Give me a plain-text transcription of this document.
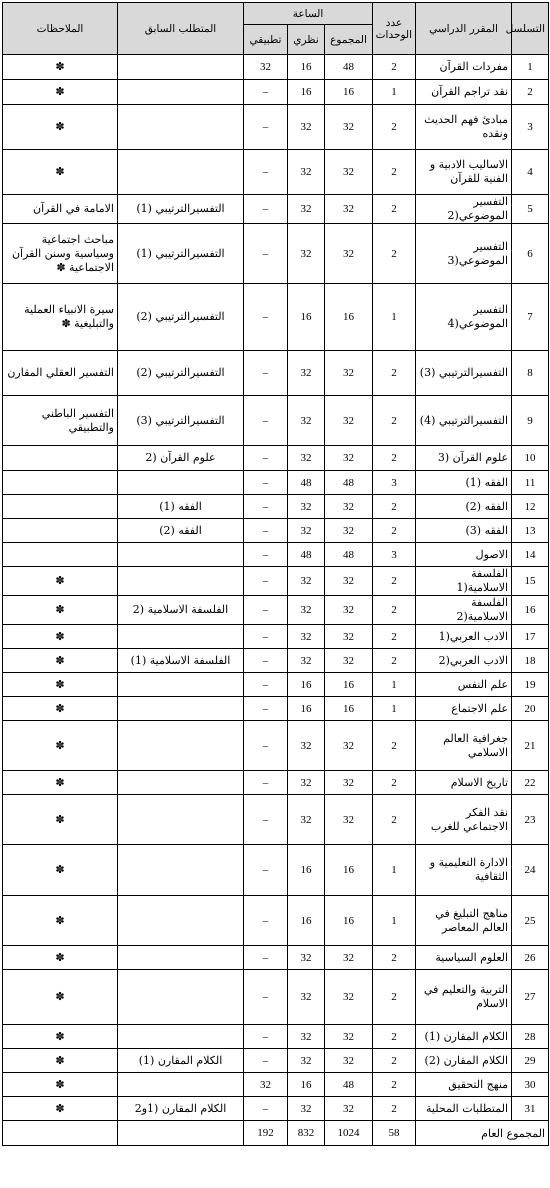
التسلسل	المقرر الدراسي	عدد الوحدات	الساعة			المتطلب السابق	الملاحظات
			المجموع	نظري	تطبيقي		
1	مفردات القرآن	2	48	16	32		✽
2	نقد تراجم القرآن	1	16	16	–		✽
3	مبادئ فهم الحديث ونقده	2	32	32	–		✽
4	الاساليب الادبية و الفنية للقرآن	2	32	32	–		✽
5	التفسير الموضوعي(2	2	32	32	–	التفسيرالترتيبي (1)	الامامة في القرآن
6	التفسير الموضوعي(3	2	32	32	–	التفسيرالترتيبي (1)	مباحث اجتماعية وسياسية وسنن القرآن الاجتماعية ✽
7	التفسير الموضوعي(4	1	16	16	–	التفسيرالترتيبي (2)	سيرة الانبياء العملية والتبليغية ✽
8	التفسيرالترتيبي (3)	2	32	32	–	التفسيرالترتيبي (2)	التفسير العقلي المقارن
9	التفسيرالترتيبي (4)	2	32	32	–	التفسيرالترتيبي (3)	التفسير الباطني والتطبيقي
10	علوم القرآن (3	2	32	32	–	علوم القرآن (2	
11	الفقه (1)	3	48	48	–		
12	الفقه (2)	2	32	32	–	الفقه (1)	
13	الفقه (3)	2	32	32	–	الفقه (2)	
14	الاصول	3	48	48	–		
15	الفلسفة الاسلامية(1	2	32	32	–		✽
16	الفلسفة الاسلامية(2	2	32	32	–	الفلسفة الاسلامية (2	✽
17	الادب العربي(1	2	32	32	–		✽
18	الادب العربي(2	2	32	32	–	الفلسفة الاسلامية (1)	✽
19	علم النفس	1	16	16	–		✽
20	علم الاجتماع	1	16	16	–		✽
21	جغرافية العالم الاسلامي	2	32	32	–		✽
22	تاريخ الاسلام	2	32	32	–		✽
23	نقد الفكر الاجتماعي للغرب	2	32	32	–		✽
24	الادارة التعليمية و الثقافية	1	16	16	–		✽
25	مناهج التبليغ في العالم المعاصر	1	16	16	–		✽
26	العلوم السياسية	2	32	32	–		✽
27	التربية والتعليم في الاسلام	2	32	32	–		✽
28	الكلام المقارن (1)	2	32	32	–		✽
29	الكلام المقارن (2)	2	32	32	–	الكلام المقارن (1)	✽
30	منهج التحقيق	2	48	16	32		✽
31	المتطلبات المحلية	2	32	32	–	الكلام المقارن (1و2	✽
المجموع العام		58	1024	832	192		
